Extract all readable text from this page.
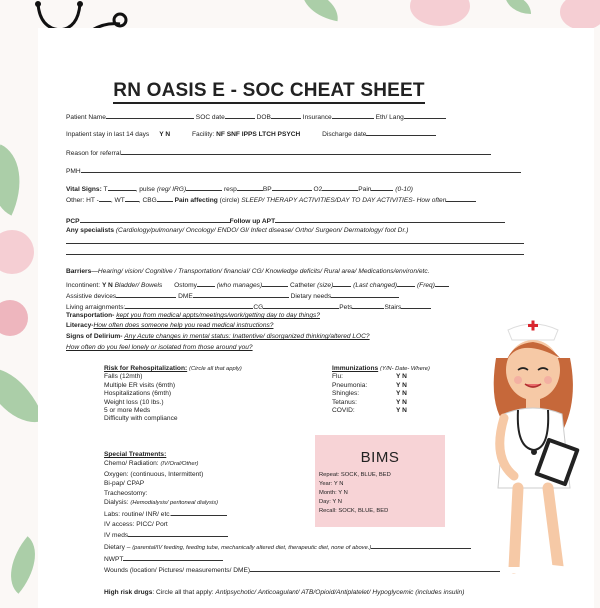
RN OASIS E - SOC CHEAT SHEET
Patient Name	SOC date	DOB	Insurance	Eth/ Lang
Inpatient stay in last 14 days Y N	Facility: NF SNF IPPS LTCH PSYCH	Discharge date
Reason for referral
PMH
Vital Signs: T	, pulse (reg/ IRG)	resp	BP	O2	Pain	(0-10)
Other: HT - , WT , CBG	Pain affecting (circle) SLEEP/ THERAPY ACTIVITIES/DAY TO DAY ACTIVITIES- How often
PCP	Follow up APT
Any specialists (Cardiology/pulmonary/ Oncology/ ENDO/ GI/ Infect disease/ Ortho/ Surgeon/ Dermatology/ foot Dr.)
Barriers—Hearing/ vision/ Cognitive / Transportation/ financial/ CG/ Knowledge deficits/ Rural area/ Medications/environ/etc.
Incontinent: Y N Bladder/ Bowels Ostomy	(who manages)	Catheter (size)	(Last changed)	(Freq)
Assistive devices	DME	Dietary needs
Living arraignments:	CG	Pets	Stairs
Transportation- kept you from medical appts/meetings/work/getting day to day things?
Literacy-How often does someone help you read medical instructions?
Signs of Delirium- Any Acute changes in mental status: Inattentive/ disorganized thinking/altered LOC?
How often do you feel lonely or isolated from those around you?
Risk for Rehospitalization: (Circle all that apply)
Falls (12mth)
Multiple ER visits (6mth)
Hospitalizations (6mth)
Weight loss (10 lbs.)
5 or more Meds
Difficulty with compliance
Immunizations (Y/N- Date- Where)
Flu:	Y N
Pneumonia:	Y N
Shingles:	Y N
Tetanus:	Y N
COVID:	Y N
Special Treatments:
Chemo/ Radiation: (IV/Oral/Other)
Oxygen: (continuous, Intermittent)
Bi-pap/ CPAP
Tracheostomy:
Dialysis: (Hemodialysis/ peritoneal dialysis)
Labs: routine/ INR/ etc.
IV access: PICC/ Port
IV meds
Dietary – (parental/IV feeding, feeding tube, mechanically altered diet, therapeutic diet, none of above.)
NWPT
Wounds (location/ Pictures/ measurements/ DME)
High risk drugs: Circle all that apply: Antipsychotic/ Anticoagulant/ ATB/Opioid/Antiplatelet/ Hypoglycemic (includes insulin)
BIMS
Repeat: SOCK, BLUE, BED
Year: Y N
Month: Y N
Day: Y N
Recall: SOCK, BLUE, BED
